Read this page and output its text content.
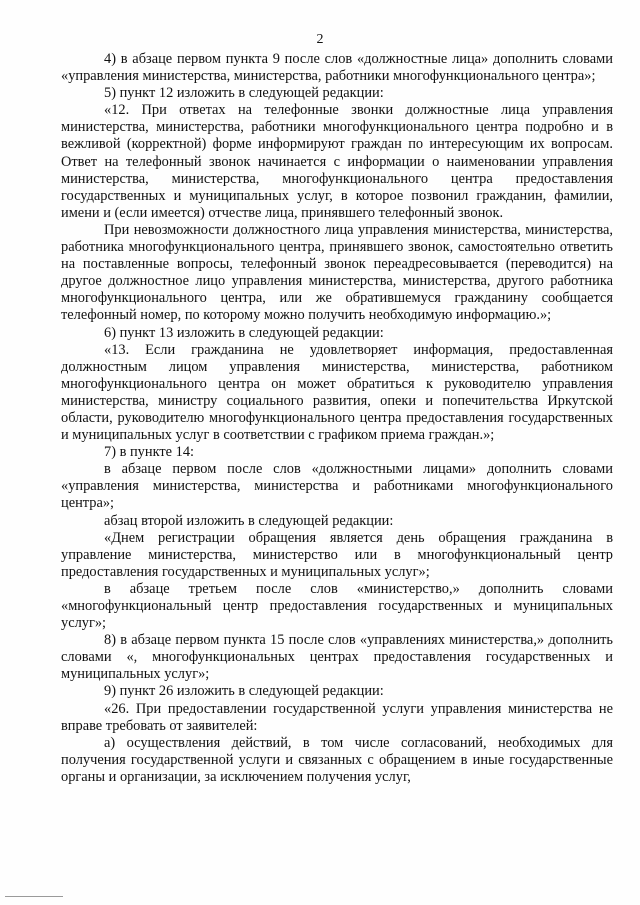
2

4) в абзаце первом пункта 9 после слов «должностные лица» дополнить словами «управления министерства, министерства, работники многофункционального центра»;

5) пункт 12 изложить в следующей редакции:

«12. При ответах на телефонные звонки должностные лица управления министерства, министерства, работники многофункционального центра подробно и в вежливой (корректной) форме информируют граждан по интересующим их вопросам. Ответ на телефонный звонок начинается с информации о наименовании управления министерства, министерства, многофункционального центра предоставления государственных и муниципальных услуг, в которое позвонил гражданин, фамилии, имени и (если имеется) отчестве лица, принявшего телефонный звонок.

При невозможности должностного лица управления министерства, министерства, работника многофункционального центра, принявшего звонок, самостоятельно ответить на поставленные вопросы, телефонный звонок переадресовывается (переводится) на другое должностное лицо управления министерства, министерства, другого работника многофункционального центра, или же обратившемуся гражданину сообщается телефонный номер, по которому можно получить необходимую информацию.»;

6) пункт 13 изложить в следующей редакции:

«13. Если гражданина не удовлетворяет информация, предоставленная должностным лицом управления министерства, министерства, работником многофункционального центра он может обратиться к руководителю управления министерства, министру социального развития, опеки и попечительства Иркутской области, руководителю многофункционального центра предоставления государственных и муниципальных услуг в соответствии с графиком приема граждан.»;

7) в пункте 14:

в абзаце первом после слов «должностными лицами» дополнить словами «управления министерства, министерства и работниками многофункционального центра»;

абзац второй изложить в следующей редакции:

«Днем регистрации обращения является день обращения гражданина в управление министерства, министерство или в многофункциональный центр предоставления государственных и муниципальных услуг»;

в абзаце третьем после слов «министерство,» дополнить словами «многофункциональный центр предоставления государственных и муниципальных услуг»;

8) в абзаце первом пункта 15 после слов «управлениях министерства,» дополнить словами «, многофункциональных центрах предоставления государственных и муниципальных услуг»;

9) пункт 26 изложить в следующей редакции:

«26. При предоставлении государственной услуги управления министерства не вправе требовать от заявителей:

а) осуществления действий, в том числе согласований, необходимых для получения государственной услуги и связанных с обращением в иные государственные органы и организации, за исключением получения услуг,
